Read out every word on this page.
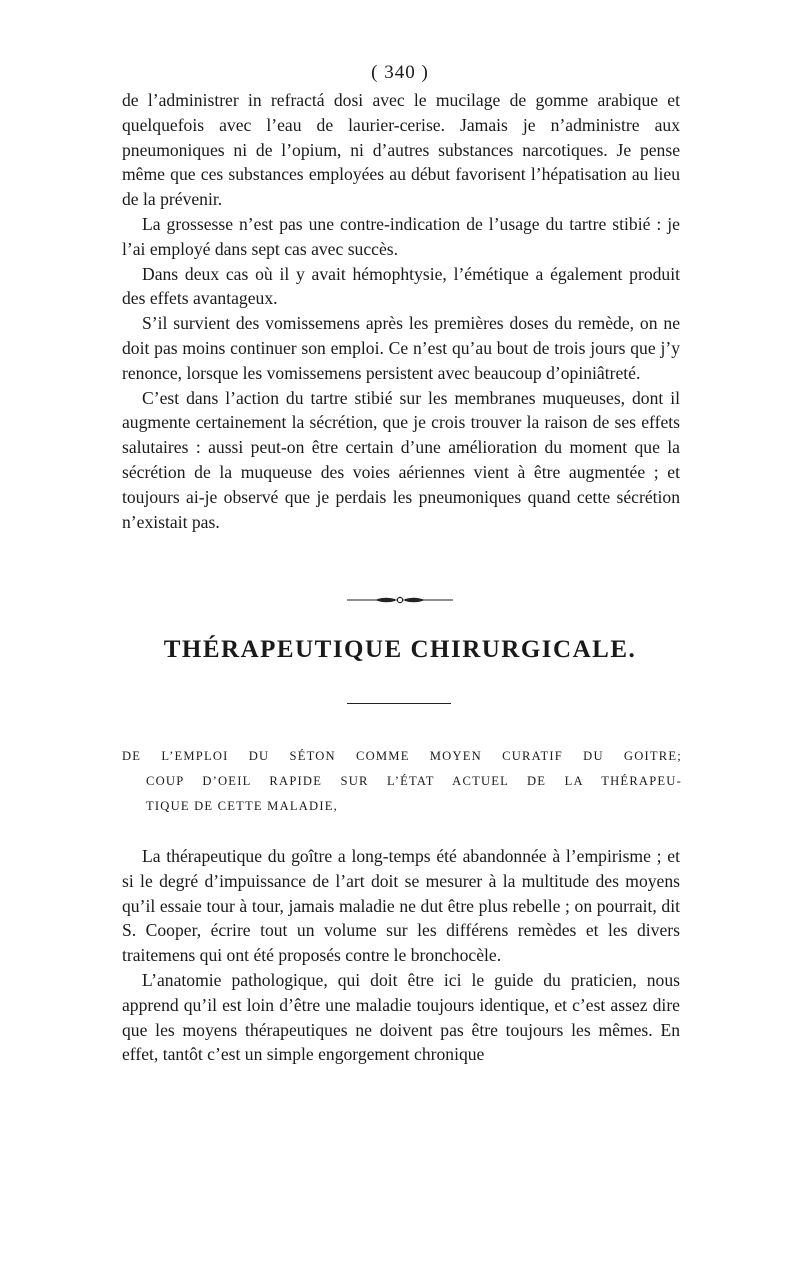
( 340 )

de l’administrer in refractá dosi avec le mucilage de gomme arabique et quelquefois avec l’eau de laurier-cerise. Jamais je n’administre aux pneumoniques ni de l’opium, ni d’autres substances narcotiques. Je pense même que ces substances employées au début favorisent l’hépatisation au lieu de la prévenir.

La grossesse n’est pas une contre-indication de l’usage du tartre stibié : je l’ai employé dans sept cas avec succès.

Dans deux cas où il y avait hémophtysie, l’émétique a également produit des effets avantageux.

S’il survient des vomissemens après les premières doses du remède, on ne doit pas moins continuer son emploi. Ce n’est qu’au bout de trois jours que j’y renonce, lorsque les vomissemens persistent avec beaucoup d’opiniâtreté.

C’est dans l’action du tartre stibié sur les membranes muqueuses, dont il augmente certainement la sécrétion, que je crois trouver la raison de ses effets salutaires : aussi peut-on être certain d’une amélioration du moment que la sécrétion de la muqueuse des voies aériennes vient à être augmentée ; et toujours ai-je observé que je perdais les pneumoniques quand cette sécrétion n’existait pas.

THÉRAPEUTIQUE CHIRURGICALE.
DE L’EMPLOI DU SÉTON COMME MOYEN CURATIF DU GOITRE;
COUP D’OEIL RAPIDE SUR L’ÉTAT ACTUEL DE LA THÉRAPEU-
TIQUE DE CETTE MALADIE,

La thérapeutique du goître a long-temps été abandonnée à l’empirisme ; et si le degré d’impuissance de l’art doit se mesurer à la multitude des moyens qu’il essaie tour à tour, jamais maladie ne dut être plus rebelle ; on pourrait, dit S. Cooper, écrire tout un volume sur les différens remèdes et les divers traitemens qui ont été proposés contre le bronchocèle.

L’anatomie pathologique, qui doit être ici le guide du praticien, nous apprend qu’il est loin d’être une maladie toujours identique, et c’est assez dire que les moyens thérapeutiques ne doivent pas être toujours les mêmes. En effet, tantôt c’est un simple engorgement chronique
